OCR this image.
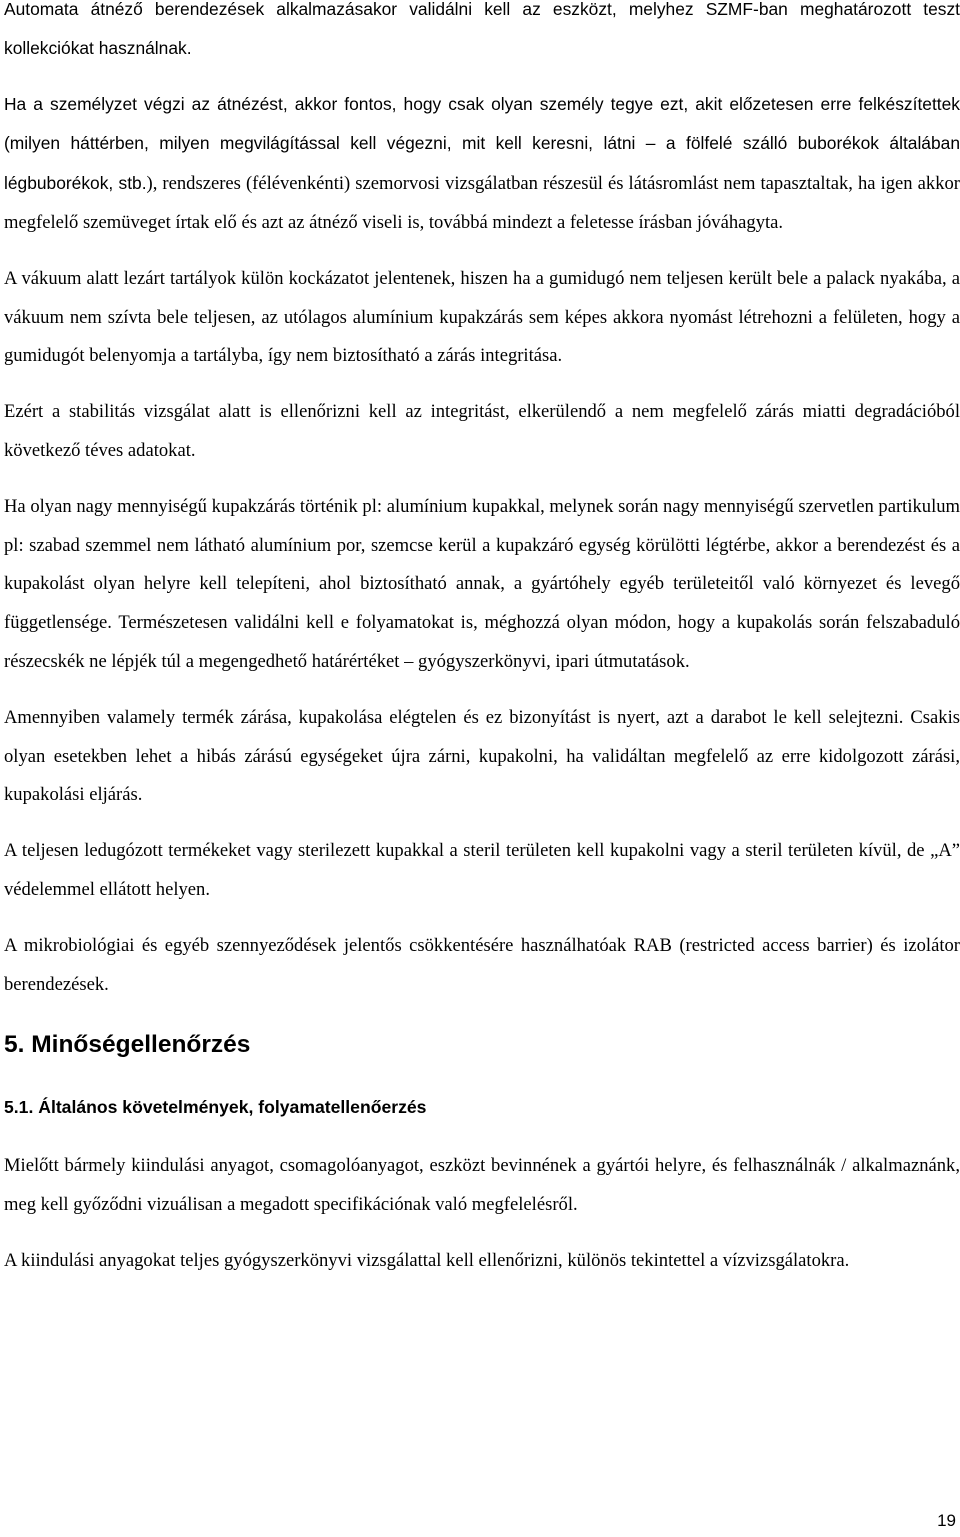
Automata átnéző berendezések alkalmazásakor validálni kell az eszközt, melyhez SZMF-ban meghatározott teszt kollekciókat használnak.

Ha a személyzet végzi az átnézést, akkor fontos, hogy csak olyan személy tegye ezt, akit előzetesen erre felkészítettek (milyen háttérben, milyen megvilágítással kell végezni, mit kell keresni, látni – a fölfelé szálló buborékok általában légbuborékok, stb.), rendszeres (félévenkénti) szemorvosi vizsgálatban részesül és látásromlást nem tapasztaltak, ha igen akkor megfelelő szemüveget írtak elő és azt az átnéző viseli is, továbbá mindezt a feletesse írásban jóváhagyta.

A vákuum alatt lezárt tartályok külön kockázatot jelentenek, hiszen ha a gumidugó nem teljesen került bele a palack nyakába, a vákuum nem szívta bele teljesen, az utólagos alumínium kupakzárás sem képes akkora nyomást létrehozni a felületen, hogy a gumidugót belenyomja a tartályba, így nem biztosítható a zárás integritása.

Ezért a stabilitás vizsgálat alatt is ellenőrizni kell az integritást, elkerülendő a nem megfelelő zárás miatti degradációból következő téves adatokat.

Ha olyan nagy mennyiségű kupakzárás történik pl: alumínium kupakkal, melynek során nagy mennyiségű szervetlen partikulum pl: szabad szemmel nem látható alumínium por, szemcse kerül a kupakzáró egység körülötti légtérbe, akkor a berendezést és a kupakolást olyan helyre kell telepíteni, ahol biztosítható annak, a gyártóhely egyéb területeitől való környezet és levegő függetlensége. Természetesen validálni kell e folyamatokat is, méghozzá olyan módon, hogy a kupakolás során felszabaduló részecskék ne lépjék túl a megengedhető határértéket – gyógyszerkönyvi, ipari útmutatások.

Amennyiben valamely termék zárása, kupakolása elégtelen és ez bizonyítást is nyert, azt a darabot le kell selejtezni. Csakis olyan esetekben lehet a hibás zárású egységeket újra zárni, kupakolni, ha validáltan megfelelő az erre kidolgozott zárási, kupakolási eljárás.

A teljesen ledugózott termékeket vagy sterilezett kupakkal a steril területen kell kupakolni vagy a steril területen kívül, de „A” védelemmel ellátott helyen.

A mikrobiológiai és egyéb szennyeződések jelentős csökkentésére használhatóak RAB (restricted access barrier) és izolátor berendezések.

5. Minőségellenőrzés
5.1. Általános követelmények, folyamatellenőerzés

Mielőtt bármely kiindulási anyagot, csomagolóanyagot, eszközt bevinnének a gyártói helyre, és felhasználnák / alkalmaznánk, meg kell győződni vizuálisan a megadott specifikációnak való megfelelésről.

A kiindulási anyagokat teljes gyógyszerkönyvi vizsgálattal kell ellenőrizni, különös tekintettel a vízvizsgálatokra.

19
